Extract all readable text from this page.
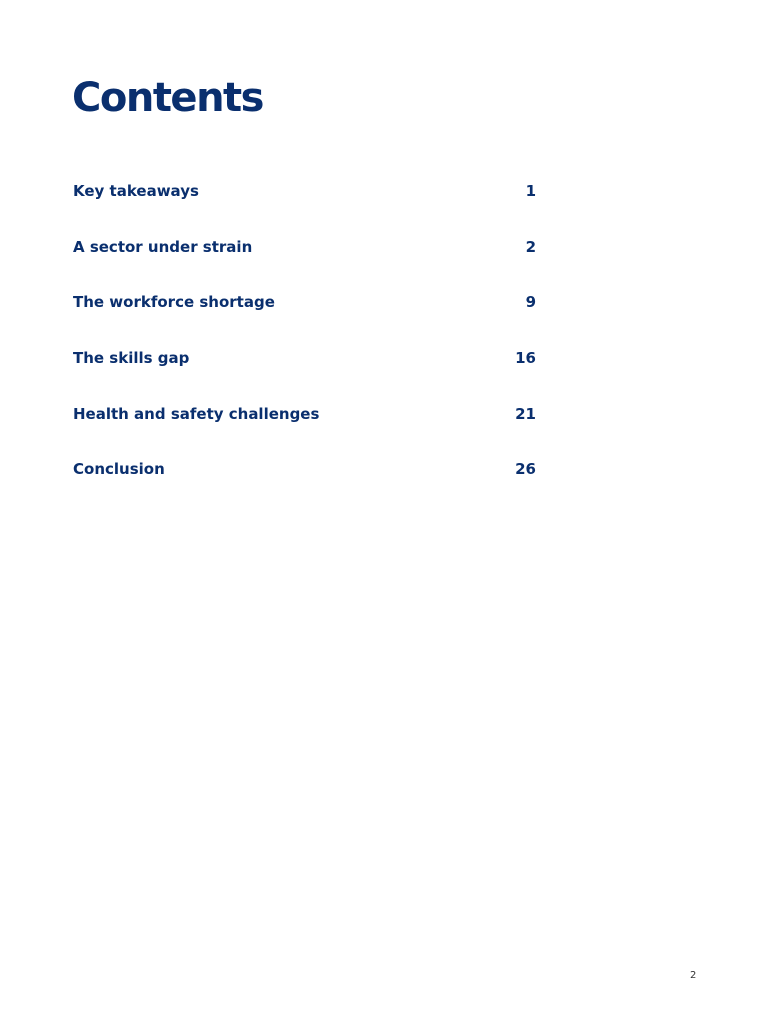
Contents
Key takeaways	1
A sector under strain	2
The workforce shortage	9
The skills gap	16
Health and safety challenges	21
Conclusion	26
2
